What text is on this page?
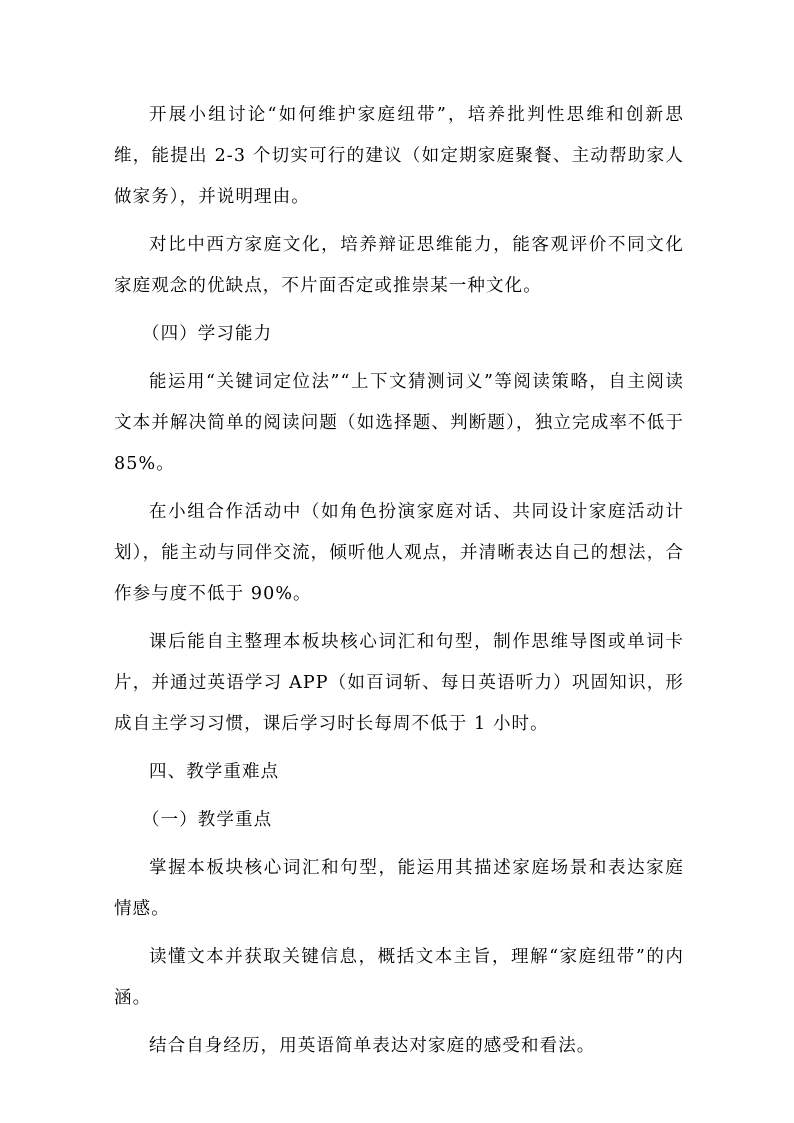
开展小组讨论“如何维护家庭纽带”，培养批判性思维和创新思维，能提出 2-3 个切实可行的建议（如定期家庭聚餐、主动帮助家人做家务），并说明理由。

对比中西方家庭文化，培养辩证思维能力，能客观评价不同文化家庭观念的优缺点，不片面否定或推崇某一种文化。

（四）学习能力

能运用“关键词定位法”“上下文猜测词义”等阅读策略，自主阅读文本并解决简单的阅读问题（如选择题、判断题），独立完成率不低于 85%。

在小组合作活动中（如角色扮演家庭对话、共同设计家庭活动计划），能主动与同伴交流，倾听他人观点，并清晰表达自己的想法，合作参与度不低于 90%。

课后能自主整理本板块核心词汇和句型，制作思维导图或单词卡片，并通过英语学习 APP（如百词斩、每日英语听力）巩固知识，形成自主学习习惯，课后学习时长每周不低于 1 小时。

四、教学重难点

（一）教学重点

掌握本板块核心词汇和句型，能运用其描述家庭场景和表达家庭情感。

读懂文本并获取关键信息，概括文本主旨，理解“家庭纽带”的内涵。

结合自身经历，用英语简单表达对家庭的感受和看法。
